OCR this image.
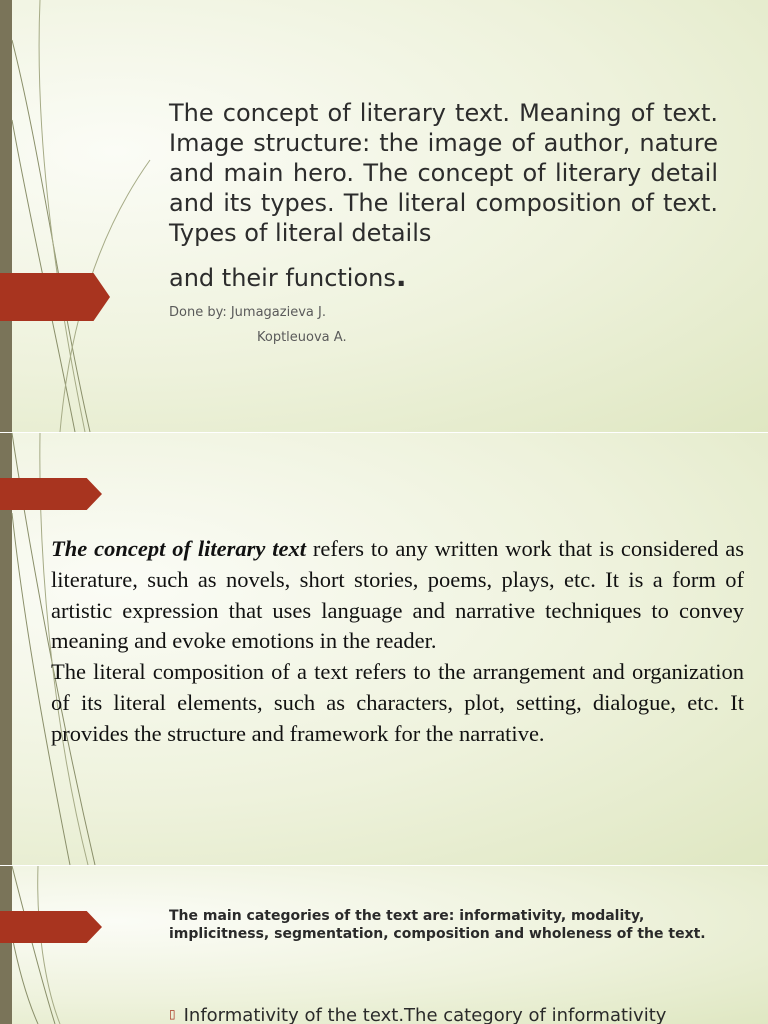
The concept of literary text. Meaning of text. Image structure: the image of author, nature and main hero. The concept of literary detail and its types. The literal composition of text. Types of literal details
and their functions.
Done by: Jumagazieva J.
Koptleuova A.

The concept of literary text refers to any written work that is considered as literature, such as novels, short stories, poems, plays, etc. It is a form of artistic expression that uses language and narrative techniques to convey meaning and evoke emotions in the reader.

The literal composition of a text refers to the arrangement and organization of its literal elements, such as characters, plot, setting, dialogue, etc. It provides the structure and framework for the narrative.

The main categories of the text are: informativity, modality, implicitness, segmentation, composition and wholeness of the text.
▯ Informativity of the text.The category of informativity
